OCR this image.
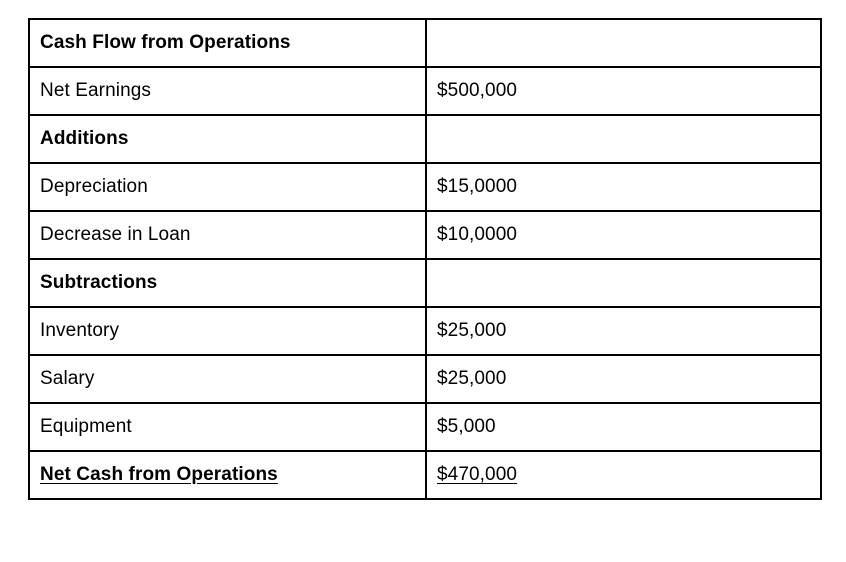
Cash Flow from Operations	
Net Earnings	$500,000
Additions	
Depreciation	$15,0000
Decrease in Loan	$10,0000
Subtractions	
Inventory	$25,000
Salary	$25,000
Equipment	$5,000
Net Cash from Operations	$470,000
